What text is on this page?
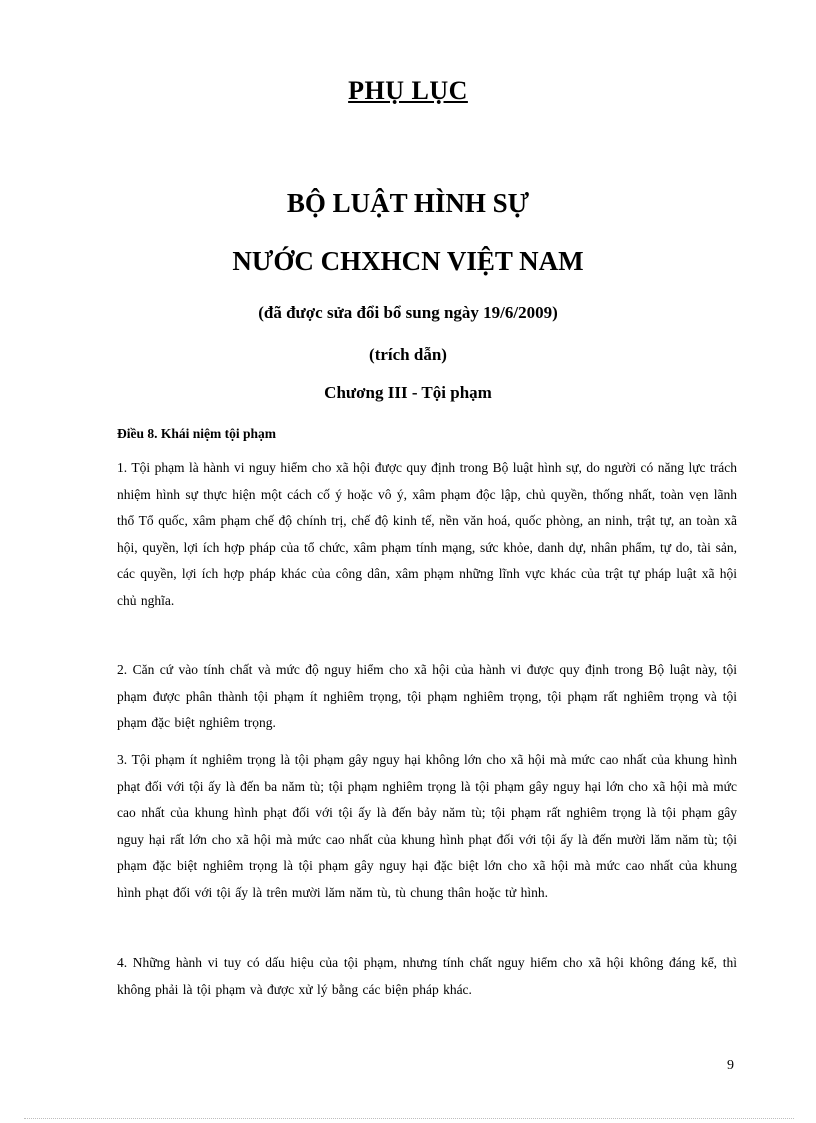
PHỤ LỤC
BỘ LUẬT HÌNH SỰ
NƯỚC CHXHCN VIỆT NAM
(đã được sửa đổi bổ sung ngày 19/6/2009)
(trích dẫn)
Chương III - Tội phạm
Điều 8. Khái niệm tội phạm
1. Tội phạm là hành vi nguy hiểm cho xã hội được quy định trong Bộ luật hình sự, do người có năng lực trách nhiệm hình sự thực hiện một cách cố ý hoặc vô ý, xâm phạm độc lập, chủ quyền, thống nhất, toàn vẹn lãnh thổ Tổ quốc, xâm phạm chế độ chính trị, chế độ kinh tế, nền văn hoá, quốc phòng, an ninh, trật tự, an toàn xã hội, quyền, lợi ích hợp pháp của tổ chức, xâm phạm tính mạng, sức khỏe, danh dự, nhân phẩm, tự do, tài sản, các quyền, lợi ích hợp pháp khác của công dân, xâm phạm những lĩnh vực khác của trật tự pháp luật xã hội chủ nghĩa.
2. Căn cứ vào tính chất và mức độ nguy hiểm cho xã hội của hành vi được quy định trong Bộ luật này, tội phạm được phân thành tội phạm ít nghiêm trọng, tội phạm nghiêm trọng, tội phạm rất nghiêm trọng và tội phạm đặc biệt nghiêm trọng.
3. Tội phạm ít nghiêm trọng là tội phạm gây nguy hại không lớn cho xã hội mà mức cao nhất của khung hình phạt đối với tội ấy là đến ba năm tù; tội phạm nghiêm trọng là tội phạm gây nguy hại lớn cho xã hội mà mức cao nhất của khung hình phạt đối với tội ấy là đến bảy năm tù; tội phạm rất nghiêm trọng là tội phạm gây nguy hại rất lớn cho xã hội mà mức cao nhất của khung hình phạt đối với tội ấy là đến mười lăm năm tù; tội phạm đặc biệt nghiêm trọng là tội phạm gây nguy hại đặc biệt lớn cho xã hội mà mức cao nhất của khung hình phạt đối với tội ấy là trên mười lăm năm tù, tù chung thân hoặc tử hình.
4. Những hành vi tuy có dấu hiệu của tội phạm, nhưng tính chất nguy hiểm cho xã hội không đáng kể, thì không phải là tội phạm và được xử lý bằng các biện pháp khác.
9
